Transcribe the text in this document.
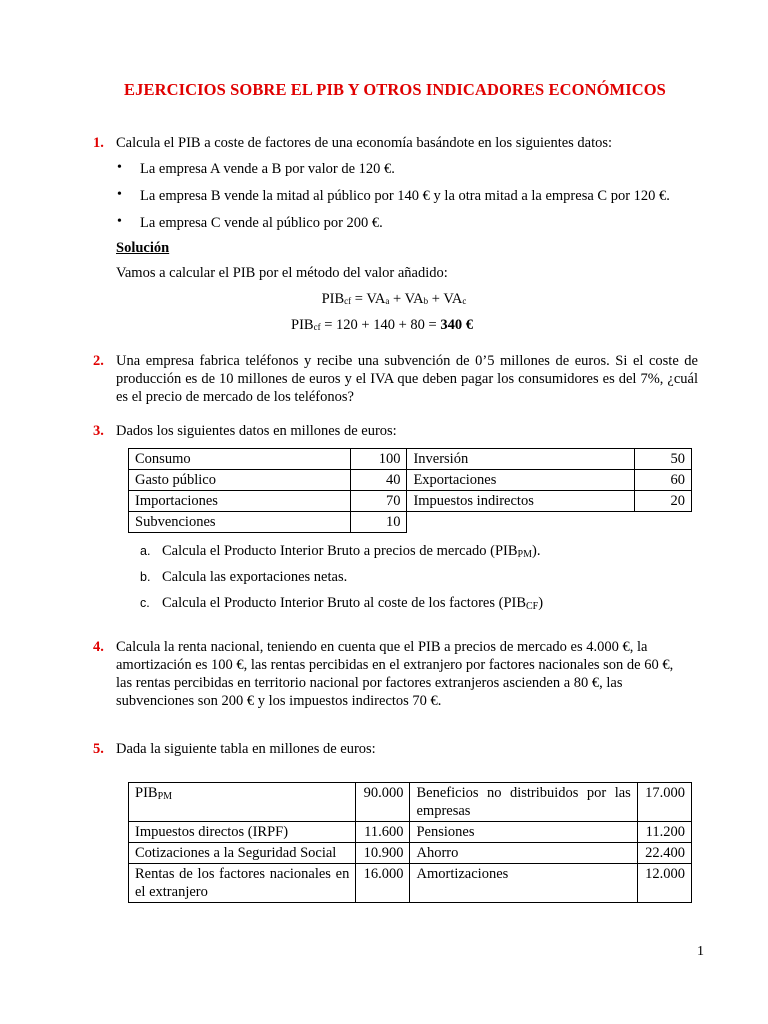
EJERCICIOS SOBRE EL PIB Y OTROS INDICADORES ECONÓMICOS
1. Calcula el PIB a coste de factores de una economía basándote en los siguientes datos:
• La empresa A vende a B por valor de 120 €.
• La empresa B vende la mitad al público por 140 € y la otra mitad a la empresa C por 120 €.
• La empresa C vende al público por 200 €.
Solución
Vamos a calcular el PIB por el método del valor añadido:
$PIB_{cf} = VA_a + VA_b + VA_c$
$PIB_{cf} = 120 + 140 + 80 = 340$ €
2. Una empresa fabrica teléfonos y recibe una subvención de 0’5 millones de euros. Si el coste de producción es de 10 millones de euros y el IVA que deben pagar los consumidores es del 7%, ¿cuál es el precio de mercado de los teléfonos?
3. Dados los siguientes datos en millones de euros:
Consumo	100	Inversión	50
Gasto público	40	Exportaciones	60
Importaciones	70	Impuestos indirectos	20
Subvenciones	10		
a. Calcula el Producto Interior Bruto a precios de mercado (PIBPM).
b. Calcula las exportaciones netas.
c. Calcula el Producto Interior Bruto al coste de los factores (PIBCF)
4. Calcula la renta nacional, teniendo en cuenta que el PIB a precios de mercado es 4.000 €, la amortización es 100 €, las rentas percibidas en el extranjero por factores nacionales son de 60 €, las rentas percibidas en territorio nacional por factores extranjeros ascienden a 80 €, las subvenciones son 200 € y los impuestos indirectos 70 €.
5. Dada la siguiente tabla en millones de euros:
PIBPM	90.000	Beneficios no distribuidos por las empresas	17.000
Impuestos directos (IRPF)	11.600	Pensiones	11.200
Cotizaciones a la Seguridad Social	10.900	Ahorro	22.400
Rentas de los factores nacionales en el extranjero	16.000	Amortizaciones	12.000
1
